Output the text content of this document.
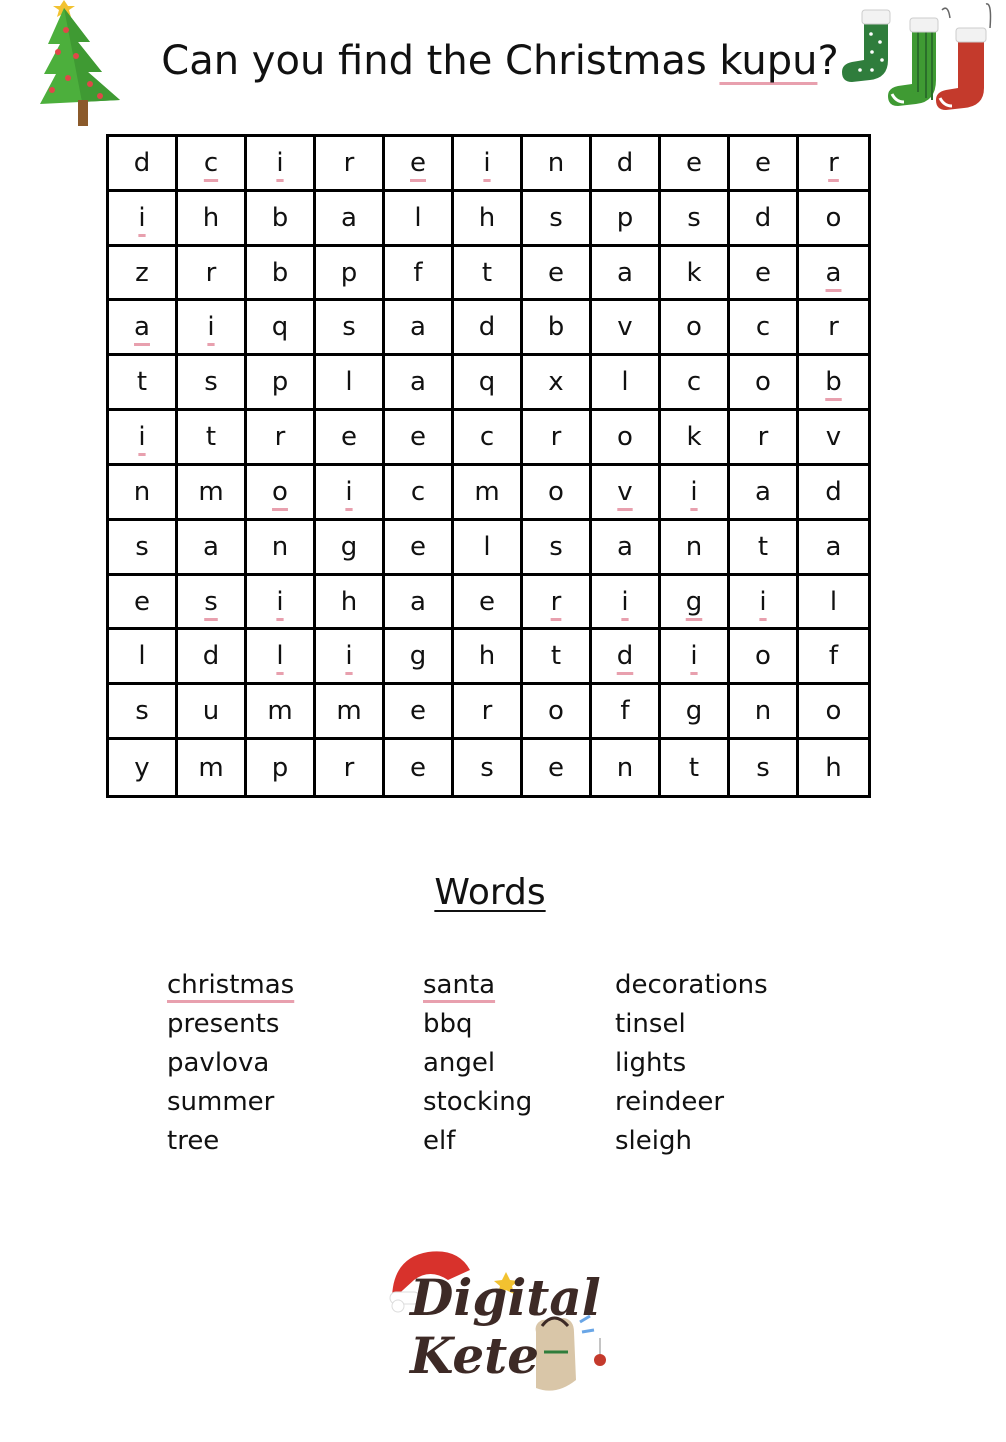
Can you find the Christmas kupu?
d c i r e i n d e e r
i h b a l h s p s d o
z r b p f t e a k e a
a i q s a d b v o c r
t s p l a q x l c o b
i t r e e c r o k r v
n m o i c m o v i a d
s a n g e l s a n t a
e s i h a e r i g i l
l d l i g h t d i o f
s u m m e r o f g n o
y m p r e s e n t s h
Words
christmas
presents
pavlova
summer
tree
santa
bbq
angel
stocking
elf
decorations
tinsel
lights
reindeer
sleigh
Digital
Kete
